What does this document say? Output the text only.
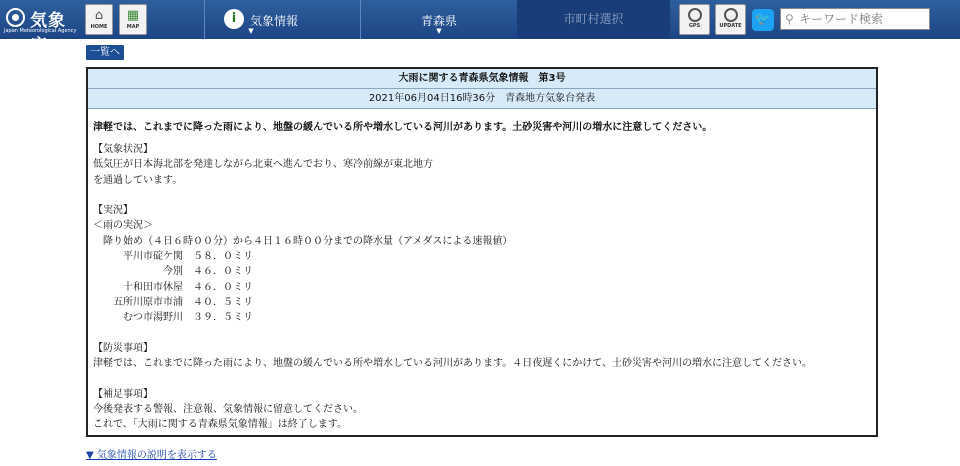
気象庁
Japan Meteorological Agency
⌂
HOME
▦
MAP
i	気象情報
▼
青森県
▼
市町村選択	GPS	UPDATE 🐦 ⚲
キーワード検索
一覧へ
大雨に関する青森県気象情報　第3号
2021年06月04日16時36分　青森地方気象台発表

津軽では、これまでに降った雨により、地盤の緩んでいる所や増水している河川があります。土砂災害や河川の増水に注意してください。

【気象状況】
低気圧が日本海北部を発達しながら北東へ進んでおり、寒冷前線が東北地方
を通過しています。
【実況】
＜雨の実況＞
　降り始め（４日６時００分）から４日１６時００分までの降水量（アメダスによる速報値）
　　　平川市碇ケ関　５８．０ミリ
　　　　　　　今別　４６．０ミリ
　　　十和田市休屋　４６．０ミリ
　　五所川原市市浦　４０．５ミリ
　　　むつ市湯野川　３９．５ミリ
【防災事項】
津軽では、これまでに降った雨により、地盤の緩んでいる所や増水している河川があります。４日夜遅くにかけて、土砂災害や河川の増水に注意してください。
【補足事項】
今後発表する警報、注意報、気象情報に留意してください。
これで、「大雨に関する青森県気象情報」は終了します。
▼ 気象情報の説明を表示する
